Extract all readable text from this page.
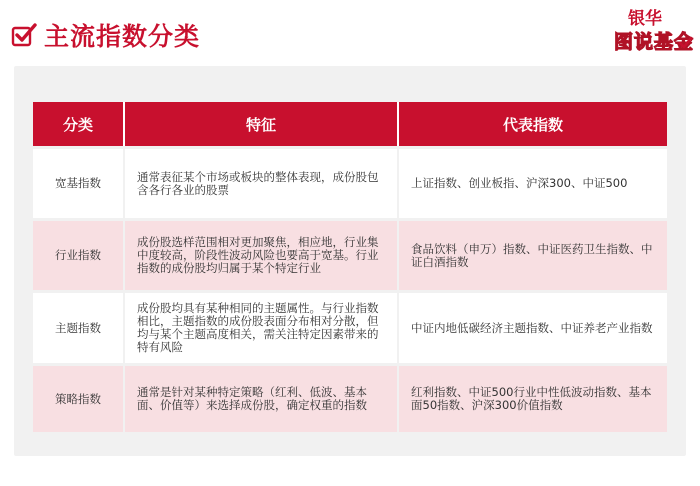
主流指数分类
银华
图说基金
分类	特征	代表指数
宽基指数	通常表征某个市场或板块的整体表现，成份股包含各行各业的股票	上证指数、创业板指、沪深300、中证500
行业指数	成份股选样范围相对更加聚焦，相应地，行业集中度较高，阶段性波动风险也要高于宽基。行业指数的成份股均归属于某个特定行业	食品饮料（申万）指数、中证医药卫生指数、中证白酒指数
主题指数	成份股均具有某种相同的主题属性。与行业指数相比，主题指数的成份股表面分布相对分散，但均与某个主题高度相关，需关注特定因素带来的特有风险	中证内地低碳经济主题指数、中证养老产业指数
策略指数	通常是针对某种特定策略（红利、低波、基本面、价值等）来选择成份股，确定权重的指数	红利指数、中证500行业中性低波动指数、基本面50指数、沪深300价值指数
